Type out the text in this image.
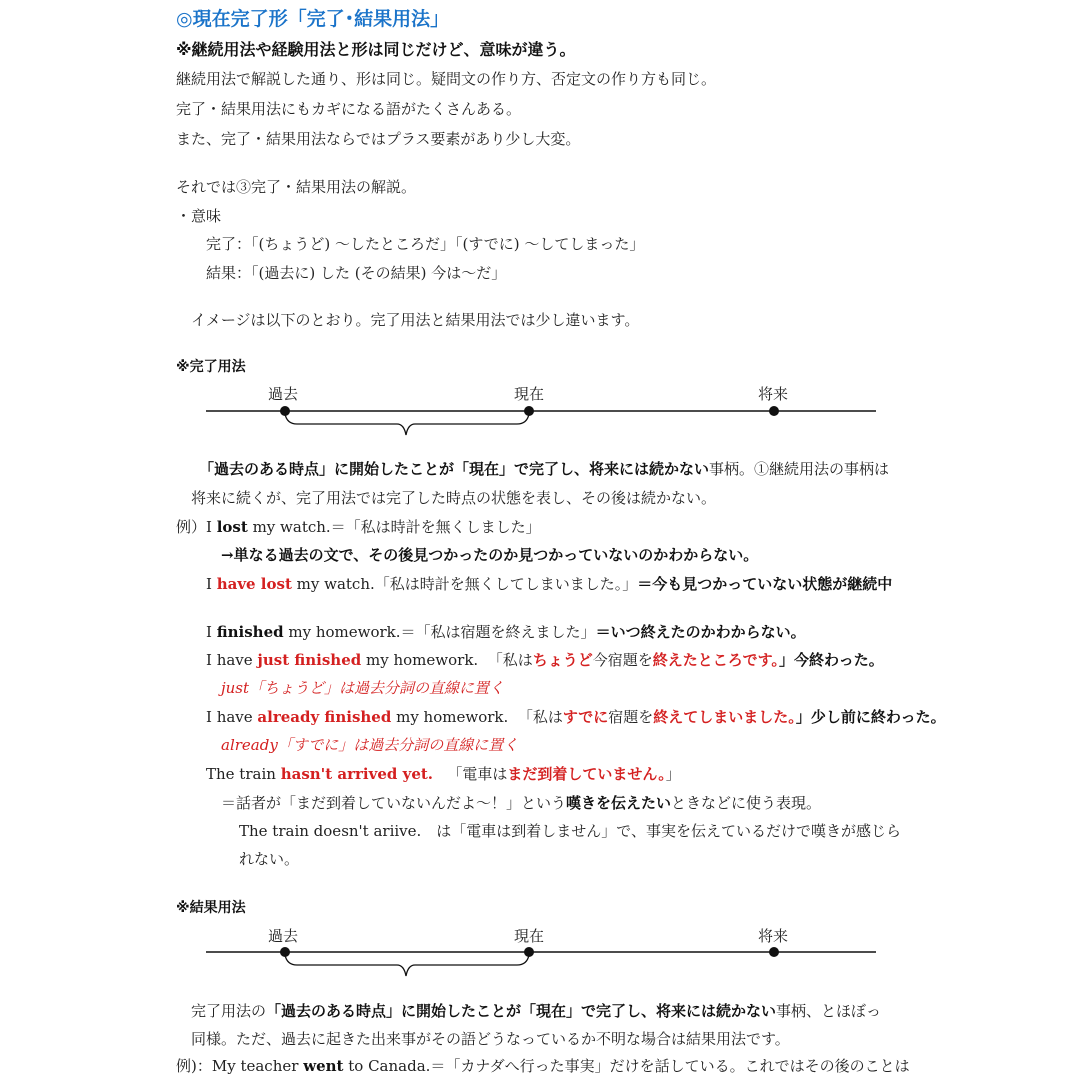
◎現在完了形「完了･結果用法」
※継続用法や経験用法と形は同じだけど、意味が違う。
継続用法で解説した通り、形は同じ。疑問文の作り方、否定文の作り方も同じ。
完了・結果用法にもカギになる語がたくさんある。
また、完了・結果用法ならではプラス要素があり少し大変。
それでは③完了・結果用法の解説。
・意味
完了：「(ちょうど) ～したところだ」「(すでに) ～してしまった」
結果：「(過去に) した (その結果) 今は～だ」
イメージは以下のとおり。完了用法と結果用法では少し違います。
※完了用法
過去	現在	将来
「過去のある時点」に開始したことが「現在」で完了し、将来には続かない事柄。①継続用法の事柄は
将来に続くが、完了用法では完了した時点の状態を表し、その後は続かない。
例）I lost my watch.＝「私は時計を無くしました」
→単なる過去の文で、その後見つかったのか見つかっていないのかわからない。
I have lost my watch.「私は時計を無くしてしまいました。」＝今も見つかっていない状態が継続中
I finished my homework.＝「私は宿題を終えました」＝いつ終えたのかわからない。
I have just finished my homework. 「私はちょうど今宿題を終えたところです。」今終わった。
just「ちょうど」は過去分詞の直線に置く
I have already finished my homework. 「私はすでに宿題を終えてしまいました。」少し前に終わった。
already「すでに」は過去分詞の直線に置く
The train hasn't arrived yet. 「電車はまだ到着していません。」
＝話者が「まだ到着していないんだよ～！」という嘆きを伝えたいときなどに使う表現。
The train doesn't ariive.　は「電車は到着しません」で、事実を伝えているだけで嘆きが感じら
れない。
※結果用法
過去	現在	将来
完了用法の「過去のある時点」に開始したことが「現在」で完了し、将来には続かない事柄、とほぼっ
同様。ただ、過去に起きた出来事がその語どうなっているか不明な場合は結果用法です。
例)：My teacher went to Canada.＝「カナダへ行った事実」だけを話している。これではその後のことは
